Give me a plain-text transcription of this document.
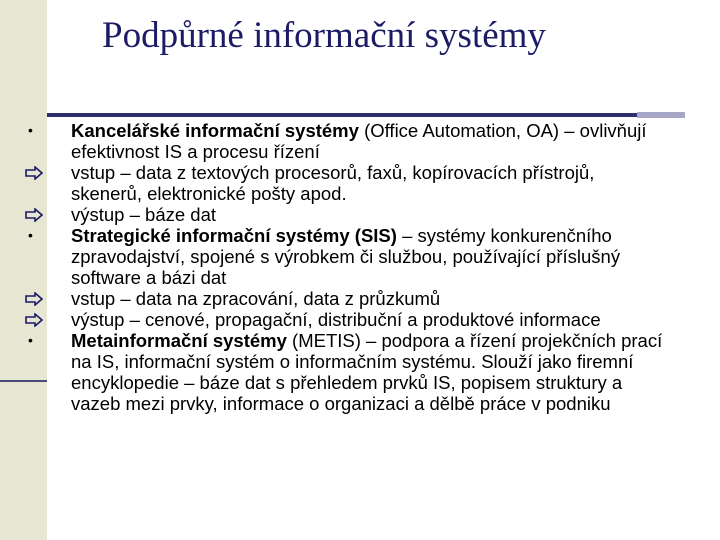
Podpůrné informační systémy

•	Kancelářské informační systémy (Office Automation, OA) – ovlivňují efektivnost IS a procesu řízení

vstup – data z textových procesorů, faxů, kopírovacích přístrojů, skenerů, elektronické pošty apod.

výstup – báze dat

•	Strategické informační systémy (SIS) – systémy konkurenčního zpravodajství, spojené s výrobkem či službou, používající příslušný software a bázi dat

vstup – data na zpracování, data z průzkumů

výstup – cenové, propagační, distribuční a produktové informace

•	Metainformační systémy (METIS) – podpora a řízení projekčních prací na IS, informační systém o informačním systému. Slouží jako firemní encyklopedie – báze dat s přehledem prvků IS, popisem struktury a vazeb mezi prvky, informace o organizaci a dělbě práce v podniku
